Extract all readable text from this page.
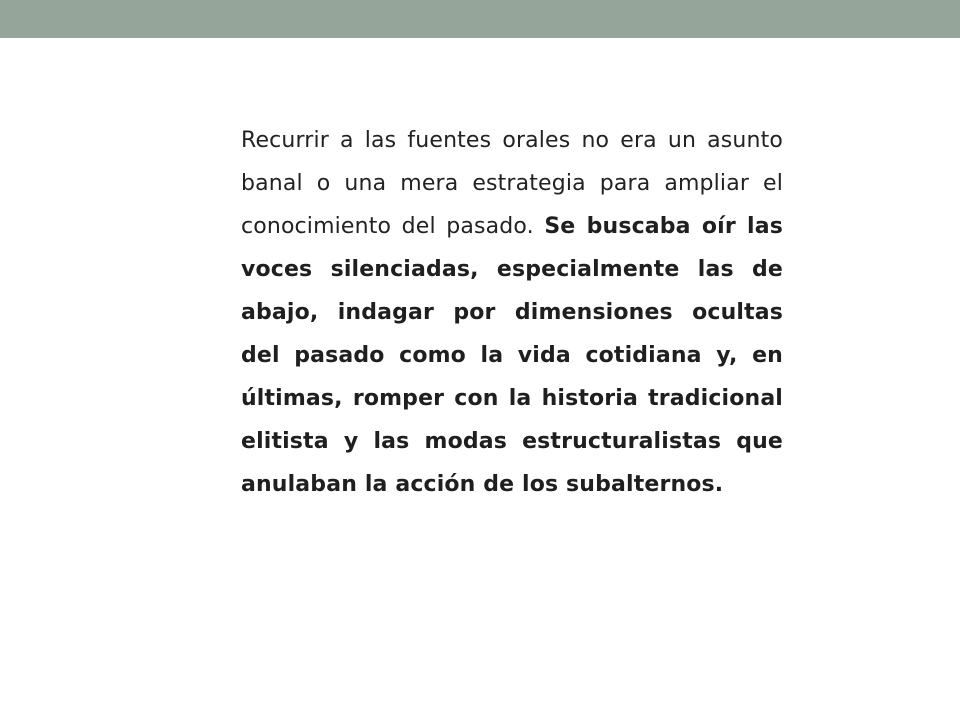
Recurrir a las fuentes orales no era un asunto banal o una mera estrategia para ampliar el conocimiento del pasado. Se buscaba oír las voces silenciadas, especialmente las de abajo, indagar por dimensiones ocultas del pasado como la vida cotidiana y, en últimas, romper con la historia tradicional elitista y las modas estructuralistas que anulaban la acción de los subalternos.
